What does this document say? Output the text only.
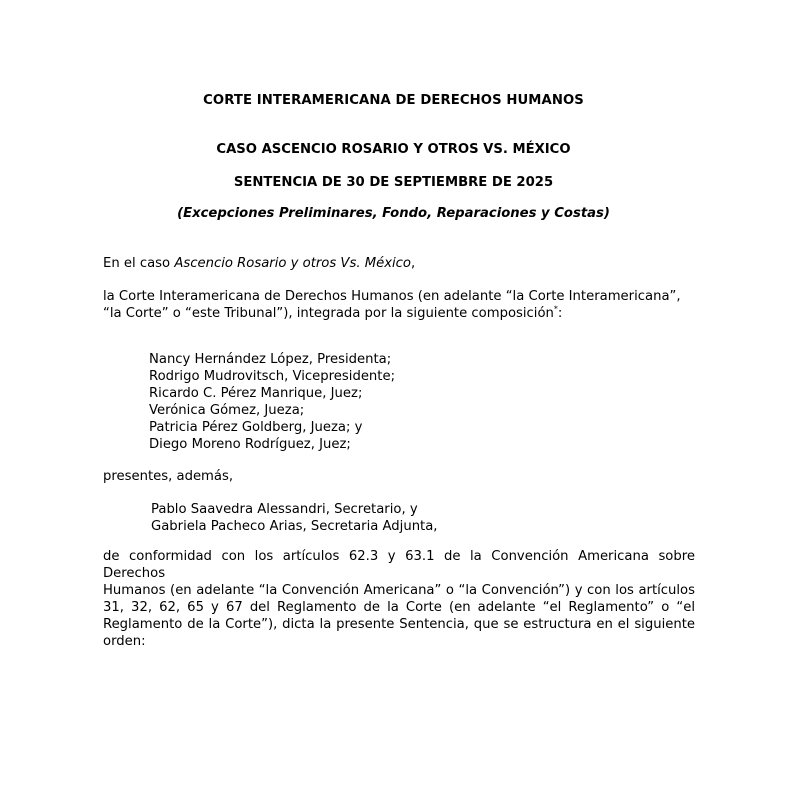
CORTE INTERAMERICANA DE DERECHOS HUMANOS
CASO ASCENCIO ROSARIO Y OTROS VS. MÉXICO
SENTENCIA DE 30 DE SEPTIEMBRE DE 2025
(Excepciones Preliminares, Fondo, Reparaciones y Costas)
En el caso Ascencio Rosario y otros Vs. México,
la Corte Interamericana de Derechos Humanos (en adelante “la Corte Interamericana”,
“la Corte” o “este Tribunal”), integrada por la siguiente composición*:
Nancy Hernández López, Presidenta;
Rodrigo Mudrovitsch, Vicepresidente;
Ricardo C. Pérez Manrique, Juez;
Verónica Gómez, Jueza;
Patricia Pérez Goldberg, Jueza; y
Diego Moreno Rodríguez, Juez;
presentes, además,
Pablo Saavedra Alessandri, Secretario, y
Gabriela Pacheco Arias, Secretaria Adjunta,
de conformidad con los artículos 62.3 y 63.1 de la Convención Americana sobre Derechos
Humanos (en adelante “la Convención Americana” o “la Convención”) y con los artículos
31, 32, 62, 65 y 67 del Reglamento de la Corte (en adelante “el Reglamento” o “el
Reglamento de la Corte”), dicta la presente Sentencia, que se estructura en el siguiente
orden:
